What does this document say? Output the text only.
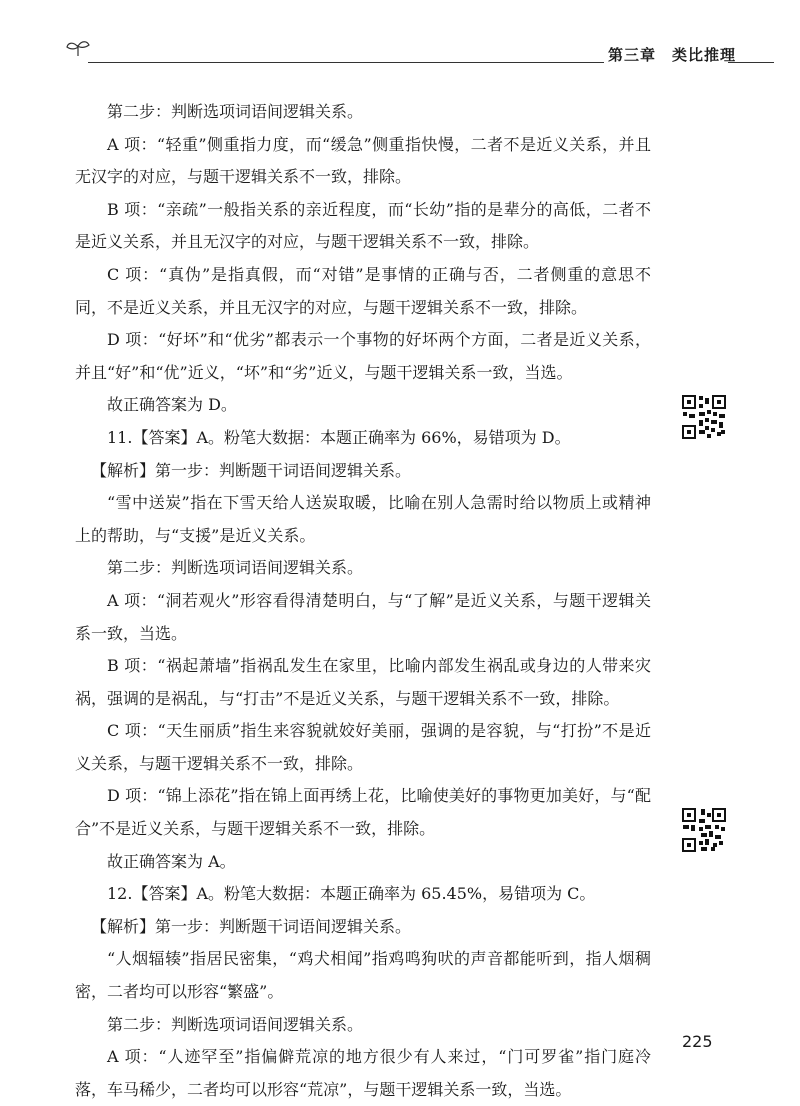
第三章　类比推理

第二步：判断选项词语间逻辑关系。

A 项：“轻重”侧重指力度，而“缓急”侧重指快慢，二者不是近义关系，并且无汉字的对应，与题干逻辑关系不一致，排除。

B 项：“亲疏”一般指关系的亲近程度，而“长幼”指的是辈分的高低，二者不是近义关系，并且无汉字的对应，与题干逻辑关系不一致，排除。

C 项：“真伪”是指真假，而“对错”是事情的正确与否，二者侧重的意思不同，不是近义关系，并且无汉字的对应，与题干逻辑关系不一致，排除。

D 项：“好坏”和“优劣”都表示一个事物的好坏两个方面，二者是近义关系，并且“好”和“优”近义，“坏”和“劣”近义，与题干逻辑关系一致，当选。

故正确答案为 D。

11.【答案】A。粉笔大数据：本题正确率为 66%，易错项为 D。

【解析】第一步：判断题干词语间逻辑关系。

“雪中送炭”指在下雪天给人送炭取暖，比喻在别人急需时给以物质上或精神上的帮助，与“支援”是近义关系。

第二步：判断选项词语间逻辑关系。

A 项：“洞若观火”形容看得清楚明白，与“了解”是近义关系，与题干逻辑关系一致，当选。

B 项：“祸起萧墙”指祸乱发生在家里，比喻内部发生祸乱或身边的人带来灾祸，强调的是祸乱，与“打击”不是近义关系，与题干逻辑关系不一致，排除。

C 项：“天生丽质”指生来容貌就姣好美丽，强调的是容貌，与“打扮”不是近义关系，与题干逻辑关系不一致，排除。

D 项：“锦上添花”指在锦上面再绣上花，比喻使美好的事物更加美好，与“配合”不是近义关系，与题干逻辑关系不一致，排除。

故正确答案为 A。

12.【答案】A。粉笔大数据：本题正确率为 65.45%，易错项为 C。

【解析】第一步：判断题干词语间逻辑关系。

“人烟辐辏”指居民密集，“鸡犬相闻”指鸡鸣狗吠的声音都能听到，指人烟稠密，二者均可以形容“繁盛”。

第二步：判断选项词语间逻辑关系。

A 项：“人迹罕至”指偏僻荒凉的地方很少有人来过，“门可罗雀”指门庭冷落，车马稀少，二者均可以形容“荒凉”，与题干逻辑关系一致，当选。

225
